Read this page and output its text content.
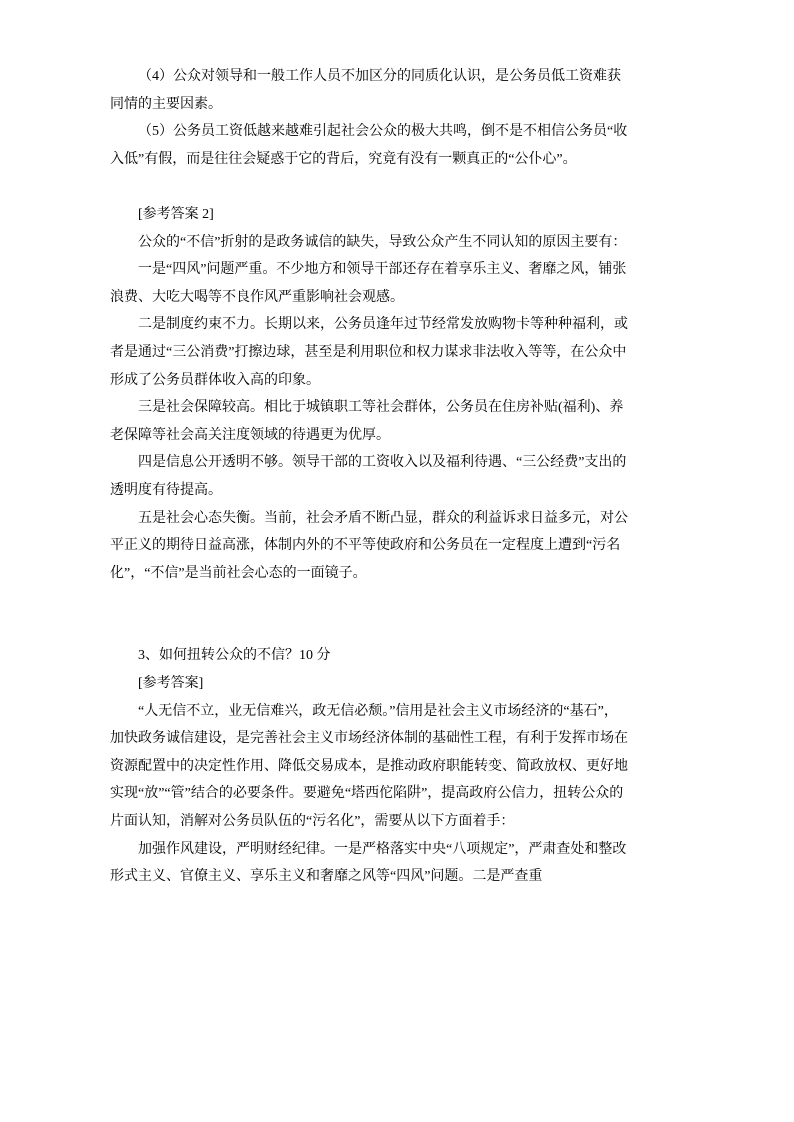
（4）公众对领导和一般工作人员不加区分的同质化认识，是公务员低工资难获同情的主要因素。

（5）公务员工资低越来越难引起社会公众的极大共鸣，倒不是不相信公务员“收入低”有假，而是往往会疑惑于它的背后，究竟有没有一颗真正的“公仆心”。

[参考答案 2]

公众的“不信”折射的是政务诚信的缺失，导致公众产生不同认知的原因主要有：

一是“四风”问题严重。不少地方和领导干部还存在着享乐主义、奢靡之风，铺张浪费、大吃大喝等不良作风严重影响社会观感。

二是制度约束不力。长期以来，公务员逢年过节经常发放购物卡等种种福利，或者是通过“三公消费”打擦边球，甚至是利用职位和权力谋求非法收入等等，在公众中形成了公务员群体收入高的印象。

三是社会保障较高。相比于城镇职工等社会群体，公务员在住房补贴(福利)、养老保障等社会高关注度领域的待遇更为优厚。

四是信息公开透明不够。领导干部的工资收入以及福利待遇、“三公经费”支出的透明度有待提高。

五是社会心态失衡。当前，社会矛盾不断凸显，群众的利益诉求日益多元，对公平正义的期待日益高涨，体制内外的不平等使政府和公务员在一定程度上遭到“污名化”，“不信”是当前社会心态的一面镜子。

3、如何扭转公众的不信？10 分

[参考答案]

“人无信不立，业无信难兴，政无信必颓。”信用是社会主义市场经济的“基石”，加快政务诚信建设，是完善社会主义市场经济体制的基础性工程，有利于发挥市场在资源配置中的决定性作用、降低交易成本，是推动政府职能转变、简政放权、更好地实现“放”“管”结合的必要条件。要避免“塔西佗陷阱”，提高政府公信力，扭转公众的片面认知，消解对公务员队伍的“污名化”，需要从以下方面着手：

加强作风建设，严明财经纪律。一是严格落实中央“八项规定”，严肃查处和整改形式主义、官僚主义、享乐主义和奢靡之风等“四风”问题。二是严查重
